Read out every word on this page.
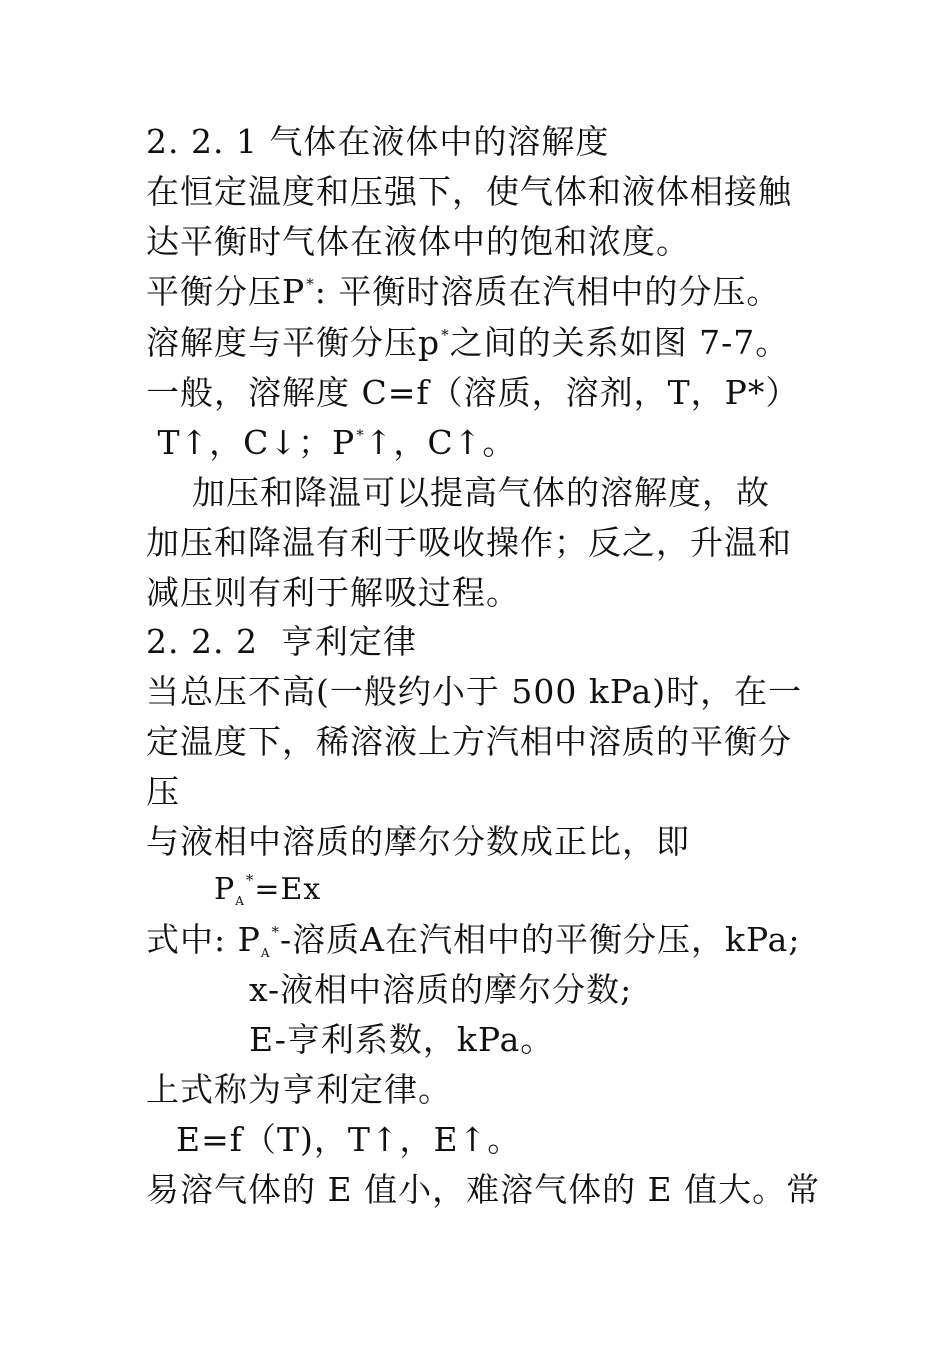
2. 2. 1 气体在液体中的溶解度
在恒定温度和压强下，使气体和液体相接触
达平衡时气体在液体中的饱和浓度。
平衡分压P*: 平衡时溶质在汽相中的分压。
溶解度与平衡分压p*之间的关系如图 7-7。
一般，溶解度 C=f（溶质，溶剂，T，P*）
T↑，C↓；P*↑，C↑。
加压和降温可以提高气体的溶解度，故
加压和降温有利于吸收操作；反之，升温和
减压则有利于解吸过程。
2. 2. 2  亨利定律
当总压不高(一般约小于 500 kPa)时，在一
定温度下，稀溶液上方汽相中溶质的平衡分
压
与液相中溶质的摩尔分数成正比，即
$P_A^*=Ex$
式中: PA*-溶质A在汽相中的平衡分压，kPa;
x-液相中溶质的摩尔分数;
E-亨利系数，kPa。
上式称为亨利定律。
E=f（T)，T↑，E↑。
易溶气体的 E 值小，难溶气体的 E 值大。常
